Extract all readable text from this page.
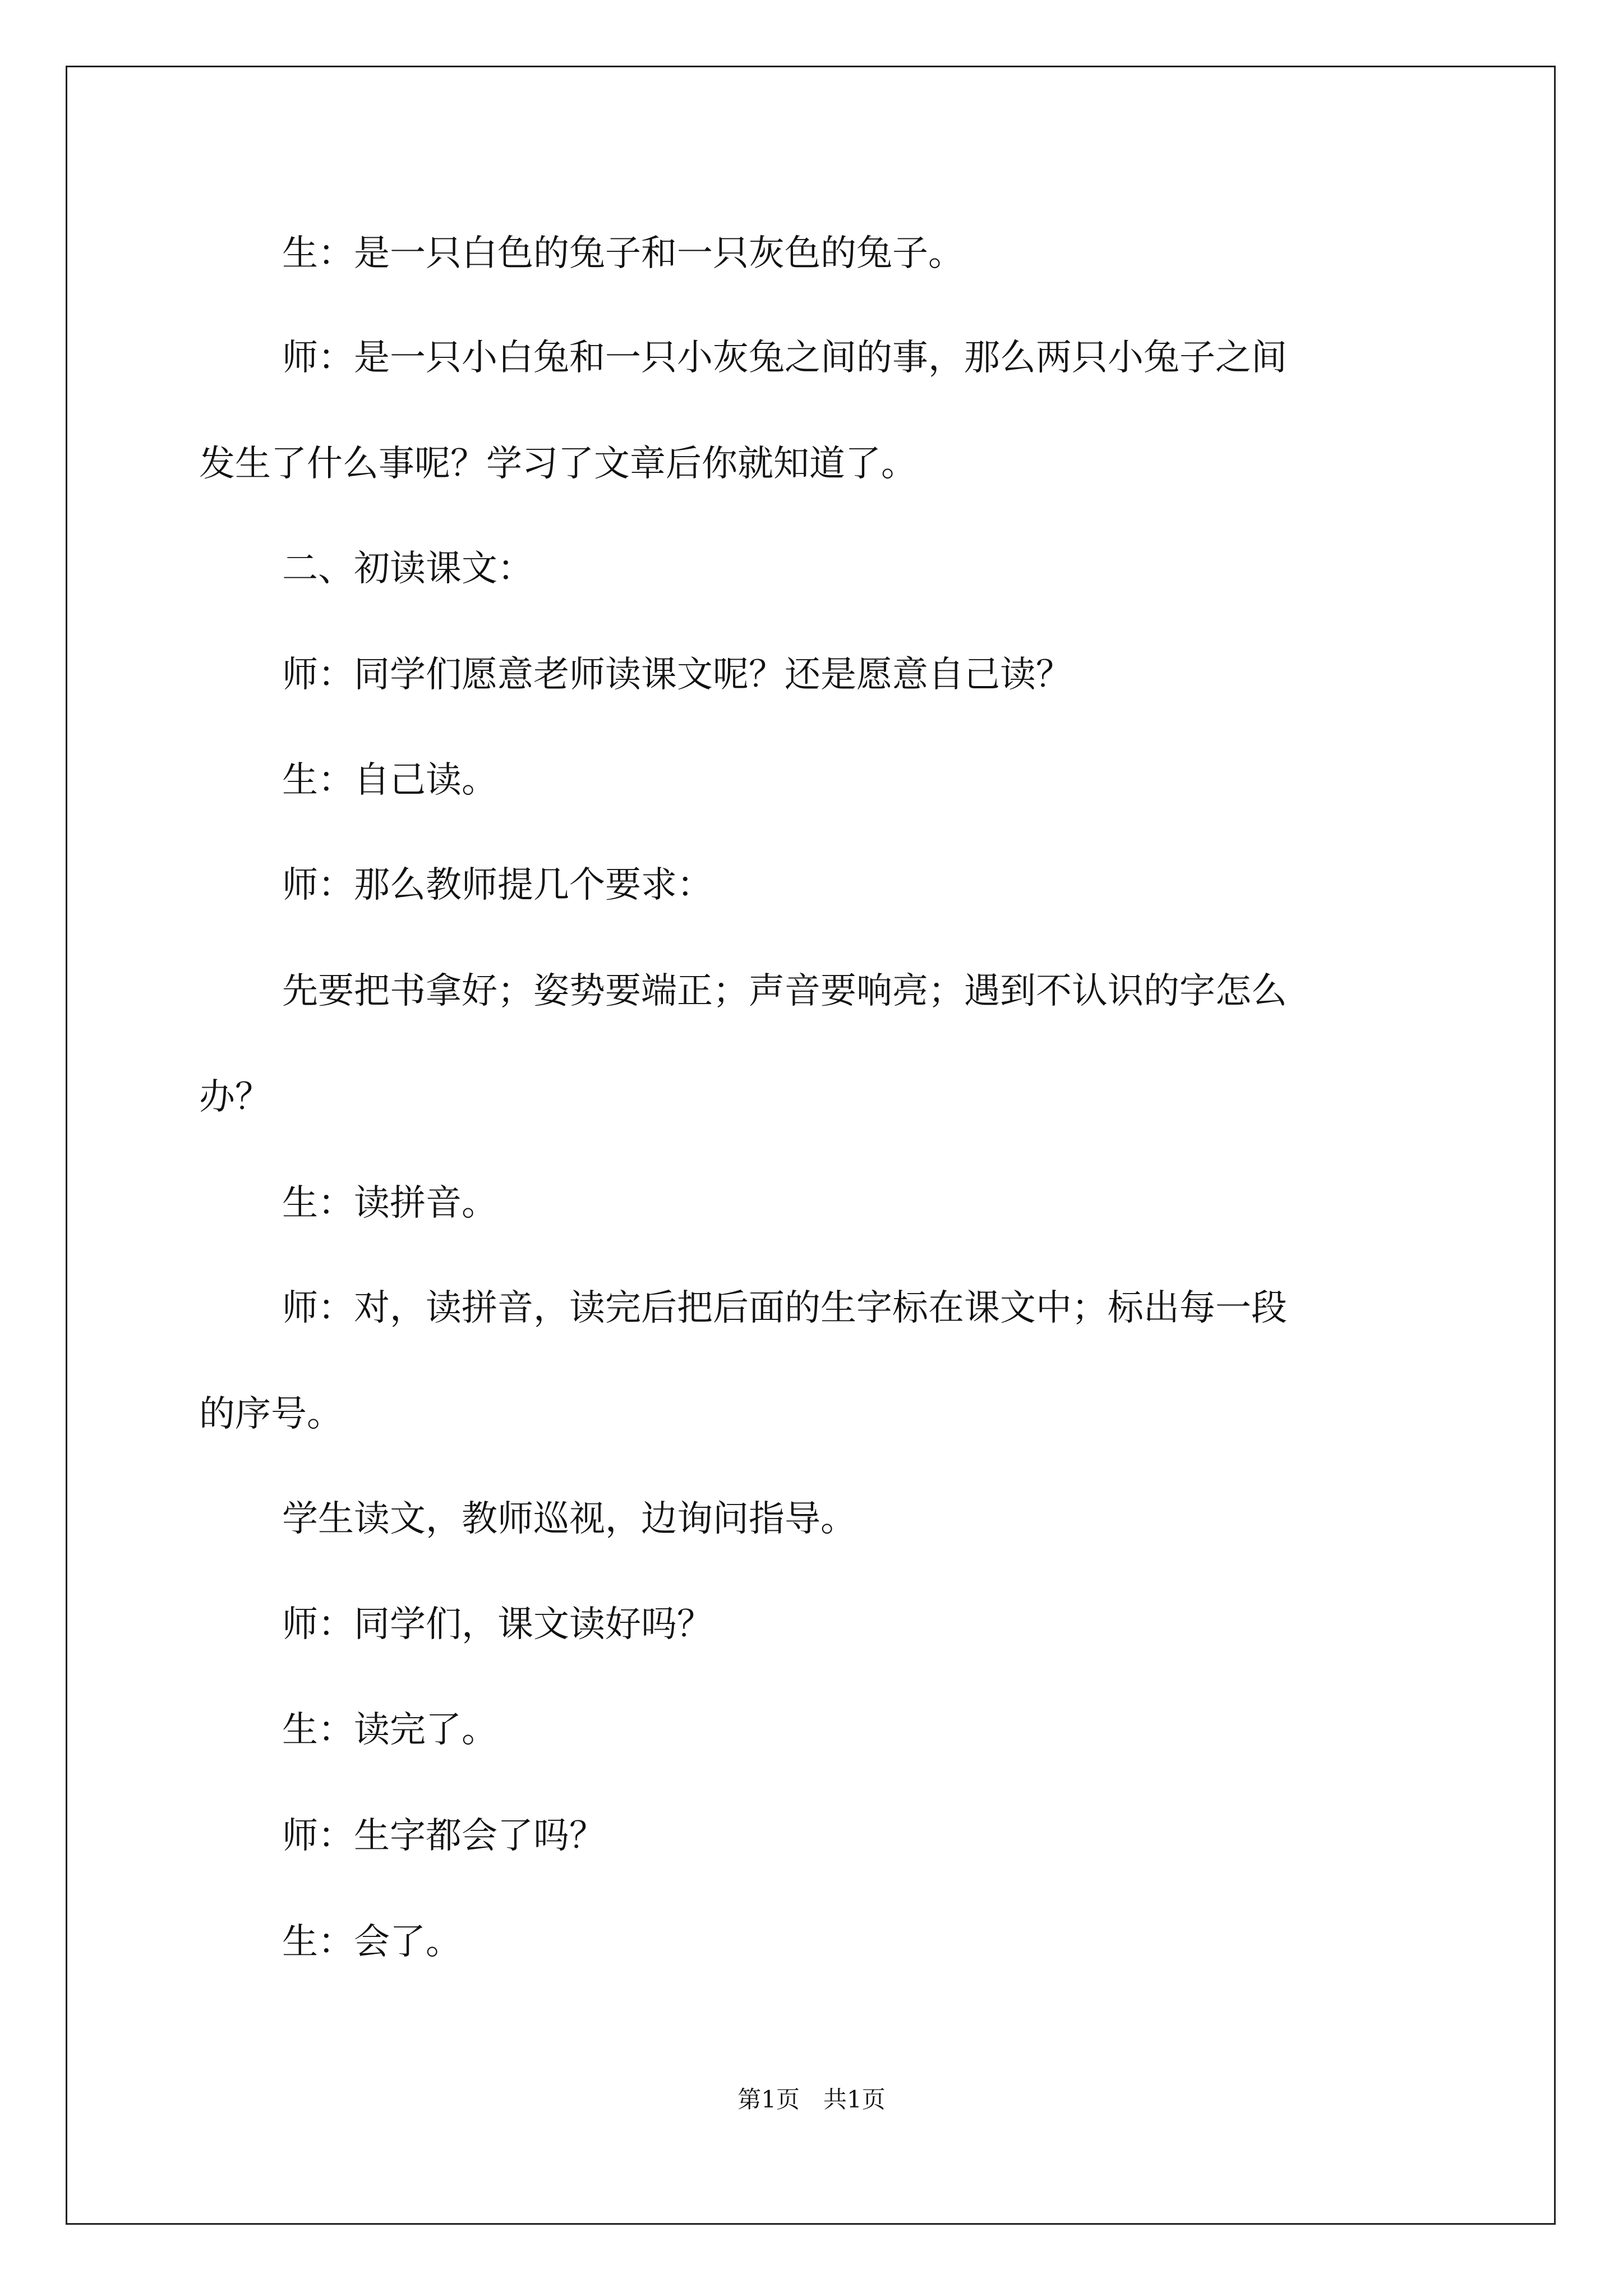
生：是一只白色的兔子和一只灰色的兔子。

师：是一只小白兔和一只小灰兔之间的事，那么两只小兔子之间

发生了什么事呢？学习了文章后你就知道了。

二、初读课文：

师：同学们愿意老师读课文呢？还是愿意自己读？

生：自己读。

师：那么教师提几个要求：

先要把书拿好；姿势要端正；声音要响亮；遇到不认识的字怎么

办？

生：读拼音。

师：对，读拼音，读完后把后面的生字标在课文中；标出每一段

的序号。

学生读文，教师巡视，边询问指导。

师：同学们，课文读好吗？

生：读完了。

师：生字都会了吗？

生：会了。

第1页　共1页
